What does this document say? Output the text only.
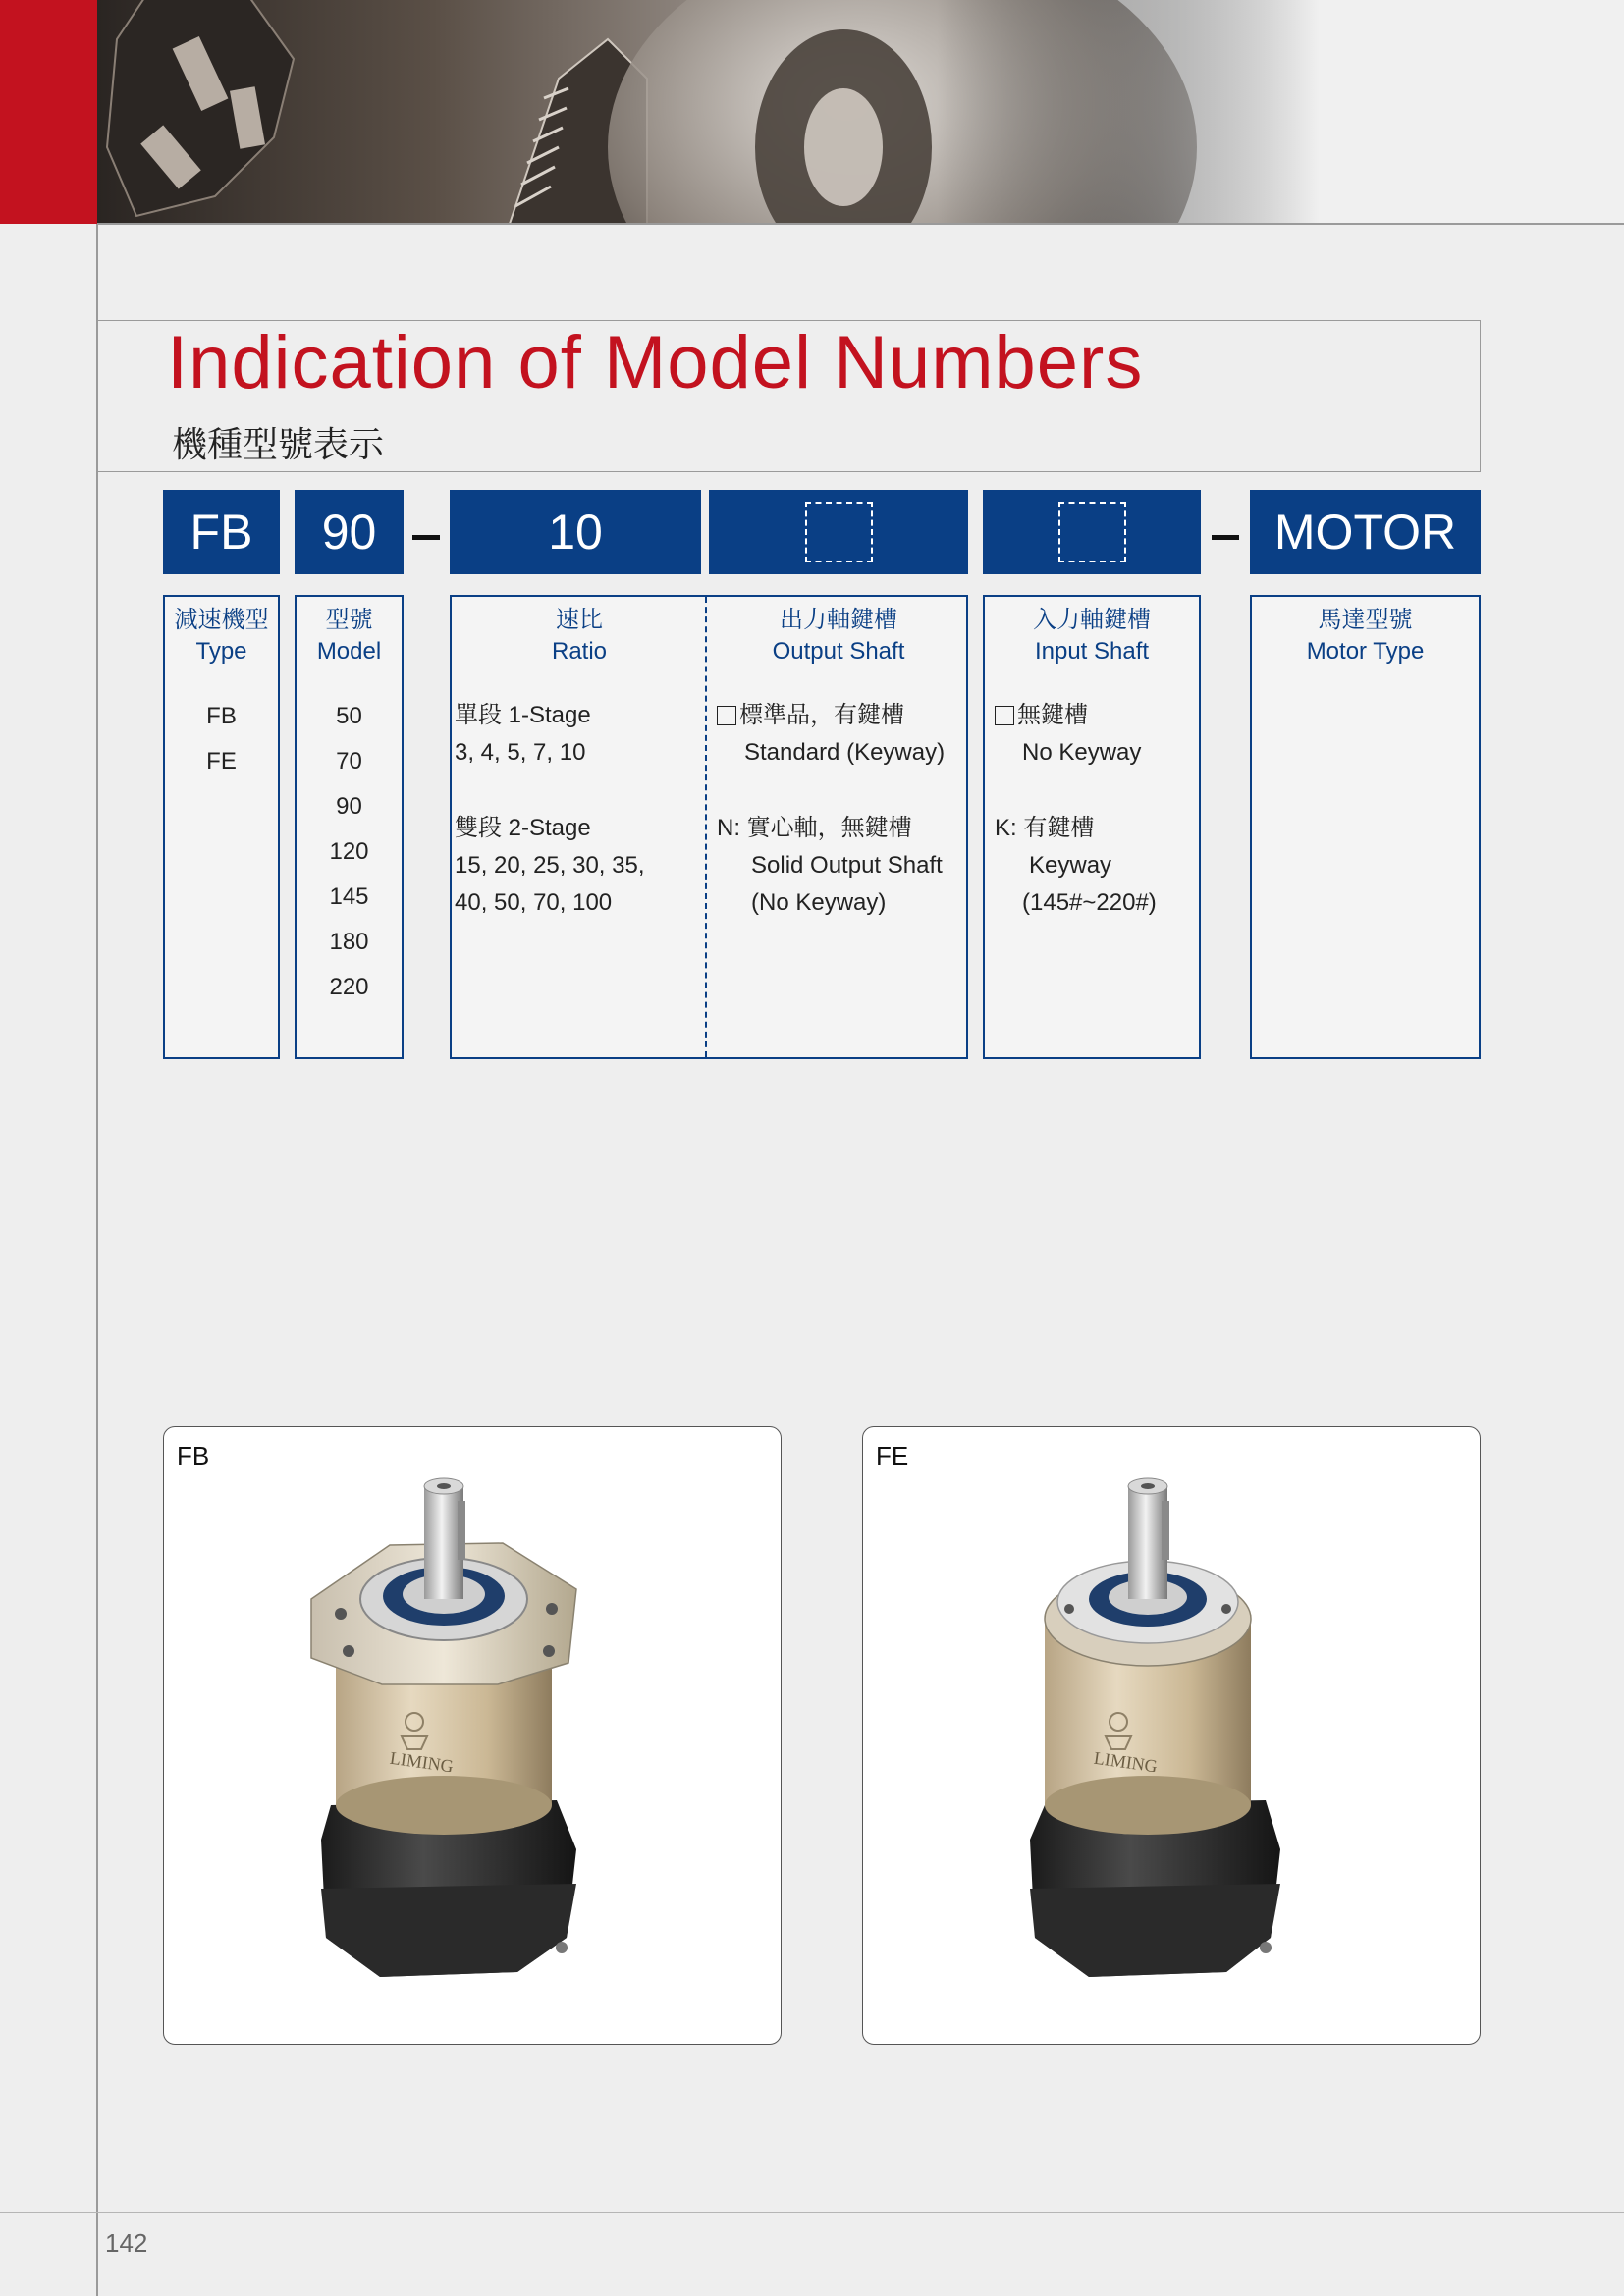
Indication of Model Numbers
機種型號表示
FB 90	10	MOTOR
減速機型
Type
FB
FE
型號
Model
50
70
90
120
145
180
220
速比
Ratio
單段 1-Stage
3, 4, 5, 7, 10
雙段 2-Stage
15, 20, 25, 30, 35,
40, 50, 70, 100
出力軸鍵槽
Output Shaft
標準品，有鍵槽
Standard (Keyway)
N: 實心軸，無鍵槽
Solid Output Shaft
(No Keyway)
入力軸鍵槽
Input Shaft
無鍵槽
No Keyway
K: 有鍵槽
Keyway
(145#~220#)
馬達型號
Motor Type
LIMING
FB
LIMING
FE
142
